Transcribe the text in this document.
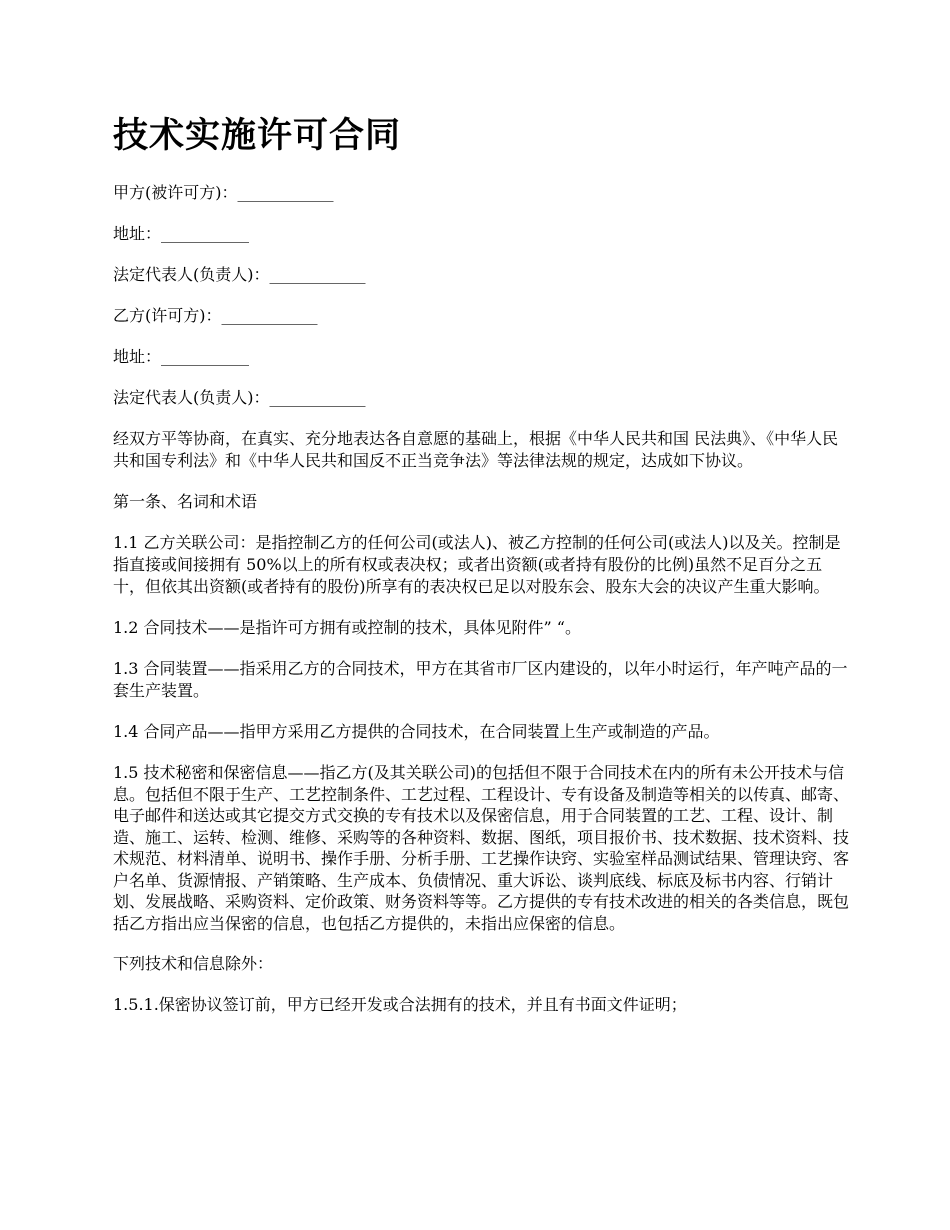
技术实施许可合同
甲方(被许可方)：____________
地址：___________
法定代表人(负责人)：____________
乙方(许可方)：____________
地址：___________
法定代表人(负责人)：____________

经双方平等协商，在真实、充分地表达各自意愿的基础上，根据《中华人民共和国 民法典》、《中华人民共和国专利法》和《中华人民共和国反不正当竞争法》等法律法规的规定，达成如下协议。

第一条、名词和术语

1.1 乙方关联公司：是指控制乙方的任何公司(或法人)、被乙方控制的任何公司(或法人)以及关。控制是指直接或间接拥有 50%以上的所有权或表决权；或者出资额(或者持有股份的比例)虽然不足百分之五十，但依其出资额(或者持有的股份)所享有的表决权已足以对股东会、股东大会的决议产生重大影响。

1.2 合同技术——是指许可方拥有或控制的技术，具体见附件” “。

1.3 合同装置——指采用乙方的合同技术，甲方在其省市厂区内建设的，以年小时运行，年产吨产品的一套生产装置。

1.4 合同产品——指甲方采用乙方提供的合同技术，在合同装置上生产或制造的产品。

1.5 技术秘密和保密信息——指乙方(及其关联公司)的包括但不限于合同技术在内的所有未公开技术与信息。包括但不限于生产、工艺控制条件、工艺过程、工程设计、专有设备及制造等相关的以传真、邮寄、电子邮件和送达或其它提交方式交换的专有技术以及保密信息，用于合同装置的工艺、工程、设计、制造、施工、运转、检测、维修、采购等的各种资料、数据、图纸，项目报价书、技术数据、技术资料、技术规范、材料清单、说明书、操作手册、分析手册、工艺操作诀窍、实验室样品测试结果、管理诀窍、客户名单、货源情报、产销策略、生产成本、负债情况、重大诉讼、谈判底线、标底及标书内容、行销计划、发展战略、采购资料、定价政策、财务资料等等。乙方提供的专有技术改进的相关的各类信息，既包括乙方指出应当保密的信息，也包括乙方提供的，未指出应保密的信息。

下列技术和信息除外：

1.5.1.保密协议签订前，甲方已经开发或合法拥有的技术，并且有书面文件证明；
